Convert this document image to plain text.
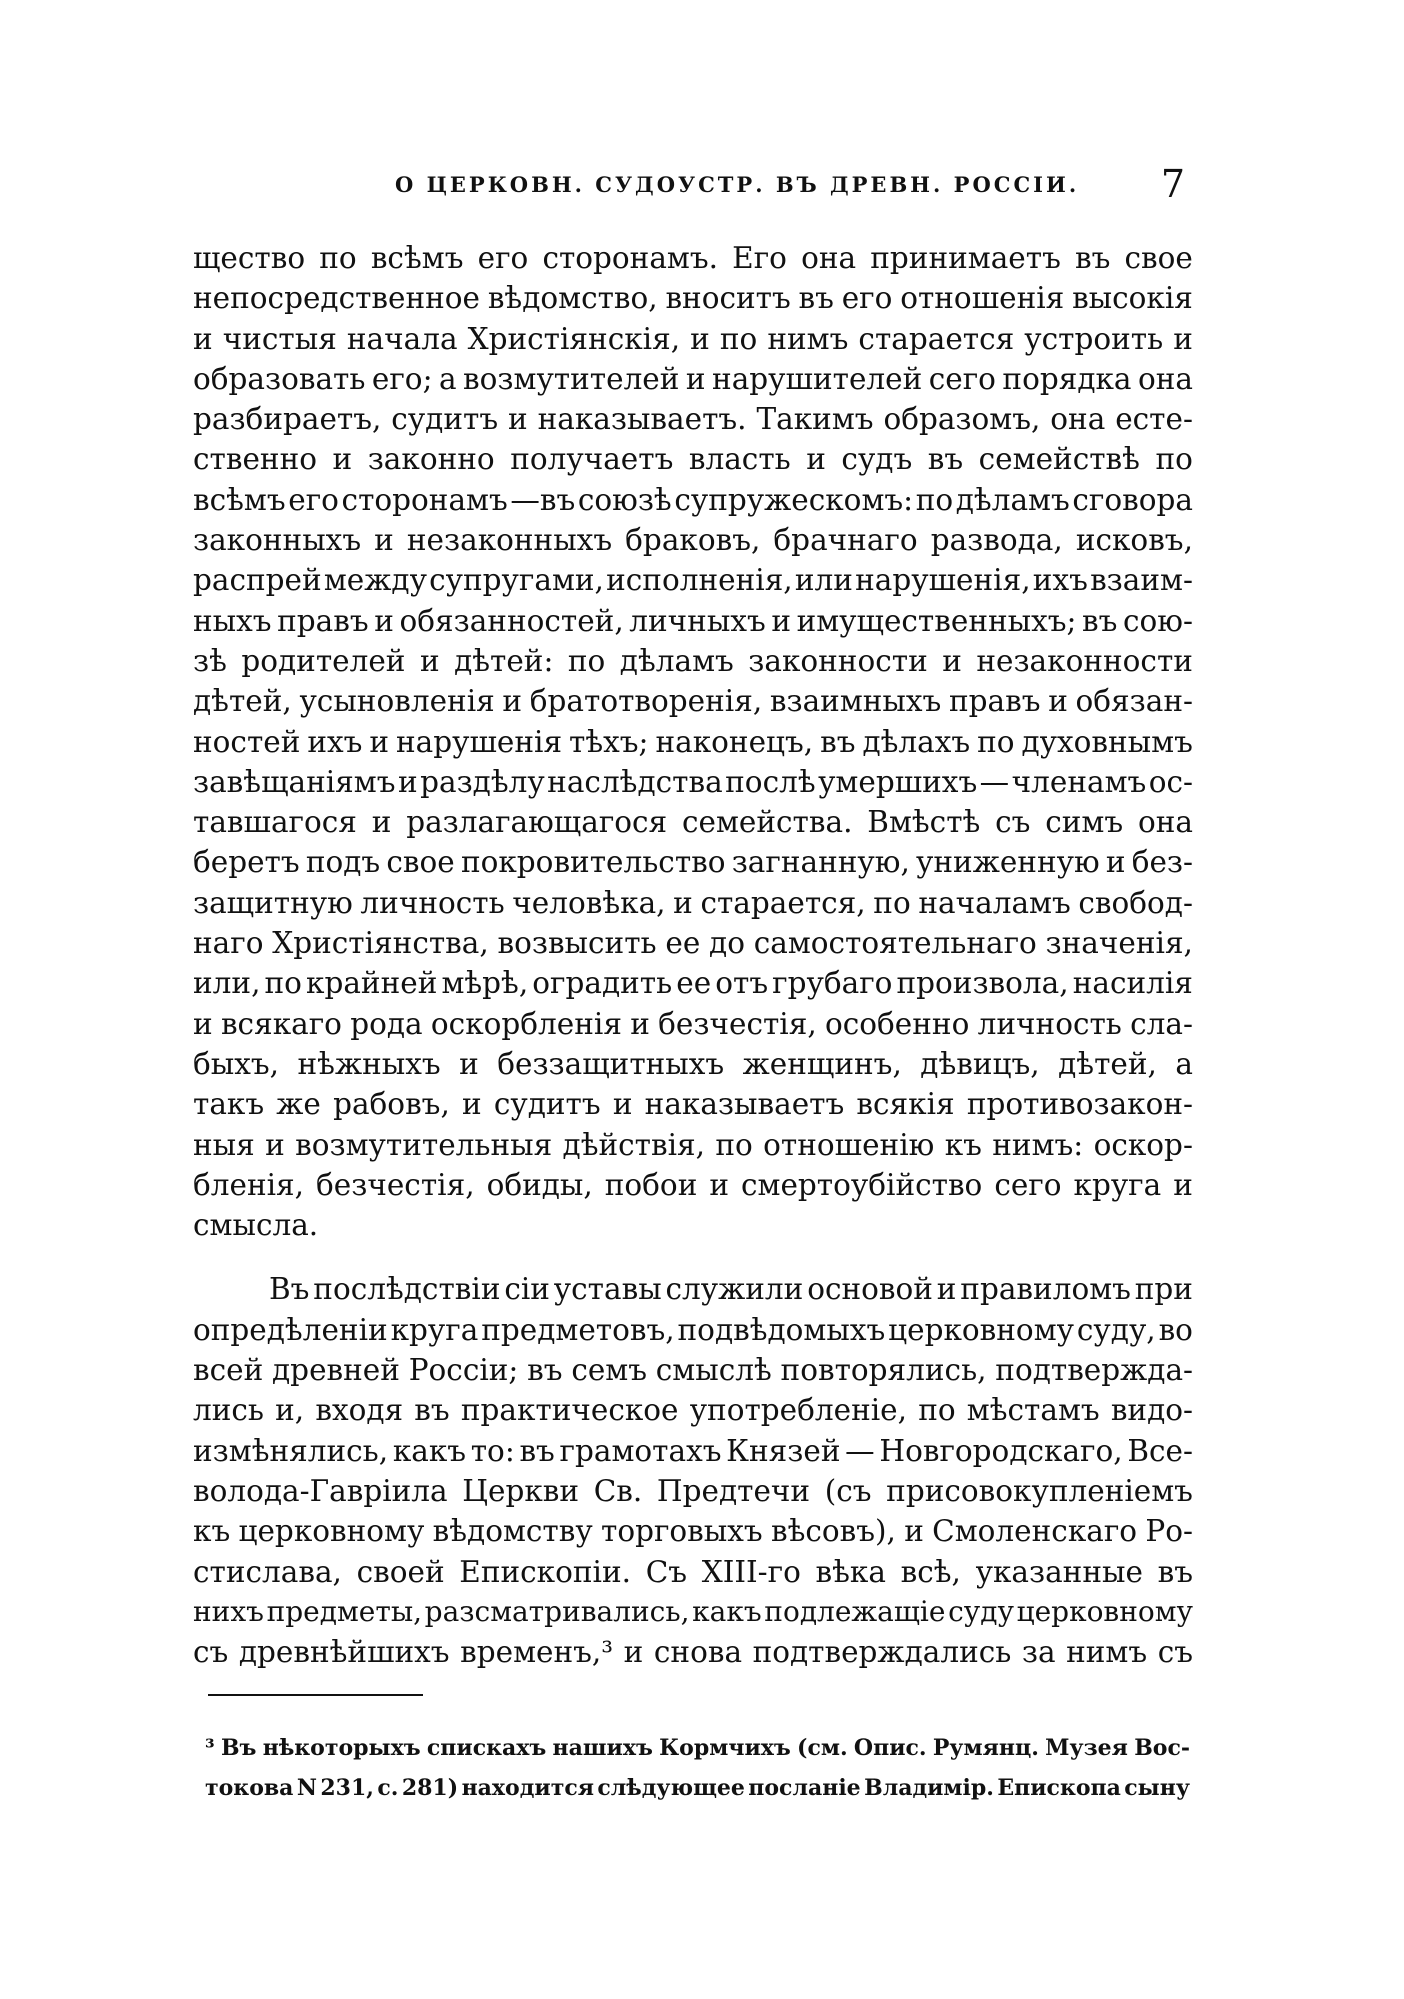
О ЦЕРКОВН. СУДОУСТР. ВЪ ДРЕВН. РОССІИ. 7
щество по всѣмъ его сторонамъ. Его она принимаетъ въ свое
непосредственное вѣдомство, вноситъ въ его отношенія высокія
и чистыя начала Христіянскія, и по нимъ старается устроить и
образовать его; а возмутителей и нарушителей сего порядка она
разбираетъ, судитъ и наказываетъ. Такимъ образомъ, она есте-
ственно и законно получаетъ власть и судъ въ семействѣ по
всѣмъ его сторонамъ —въ союзѣ супружескомъ: по дѣламъ сговора
законныхъ и незаконныхъ браковъ, брачнаго развода, исковъ,
распрей между супругами, исполненія, или нарушенія, ихъ взаим-
ныхъ правъ и обязанностей, личныхъ и имущественныхъ; въ сою-
зѣ родителей и дѣтей: по дѣламъ законности и незаконности
дѣтей, усыновленія и братотворенія, взаимныхъ правъ и обязан-
ностей ихъ и нарушенія тѣхъ; наконецъ, въ дѣлахъ по духовнымъ
завѣщаніямъ и раздѣлу наслѣдства послѣ умершихъ — членамъ ос-
тавшагося и разлагающагося семейства. Вмѣстѣ съ симъ она
беретъ подъ свое покровительство загнанную, униженную и без-
защитную личность человѣка, и старается, по началамъ свобод-
наго Христіянства, возвысить ее до самостоятельнаго значенія,
или, по крайней мѣрѣ, оградить ее отъ грубаго произвола, насилія
и всякаго рода оскорбленія и безчестія, особенно личность сла-
быхъ, нѣжныхъ и беззащитныхъ женщинъ, дѣвицъ, дѣтей, а
такъ же рабовъ, и судитъ и наказываетъ всякія противозакон-
ныя и возмутительныя дѣйствія, по отношенію къ нимъ: оскор-
бленія, безчестія, обиды, побои и смертоубійство сего круга и
смысла.
Въ послѣдствіи сіи уставы служили основой и правиломъ при
опредѣленіи круга предметовъ, подвѣдомыхъ церковному суду, во
всей древней Россіи; въ семъ смыслѣ повторялись, подтвержда-
лись и, входя въ практическое употребленіе, по мѣстамъ видо-
измѣнялись, какъ то: въ грамотахъ Князей — Новгородскаго, Все-
волода-Гавріила Церкви Св. Предтечи (съ присовокупленіемъ
къ церковному вѣдомству торговыхъ вѣсовъ), и Смоленскаго Ро-
стислава, своей Епископіи. Съ XIII-го вѣка всѣ, указанные въ
нихъ предметы, разсматривались, какъ подлежащіе суду церковному
съ древнѣйшихъ временъ,³ и снова подтверждались за нимъ съ
³ Въ нѣкоторыхъ спискахъ нашихъ Кормчихъ (см. Опис. Румянц. Музея Вос-
токова N 231, с. 281) находится слѣдующее посланіе Владимір. Епископа сыну
